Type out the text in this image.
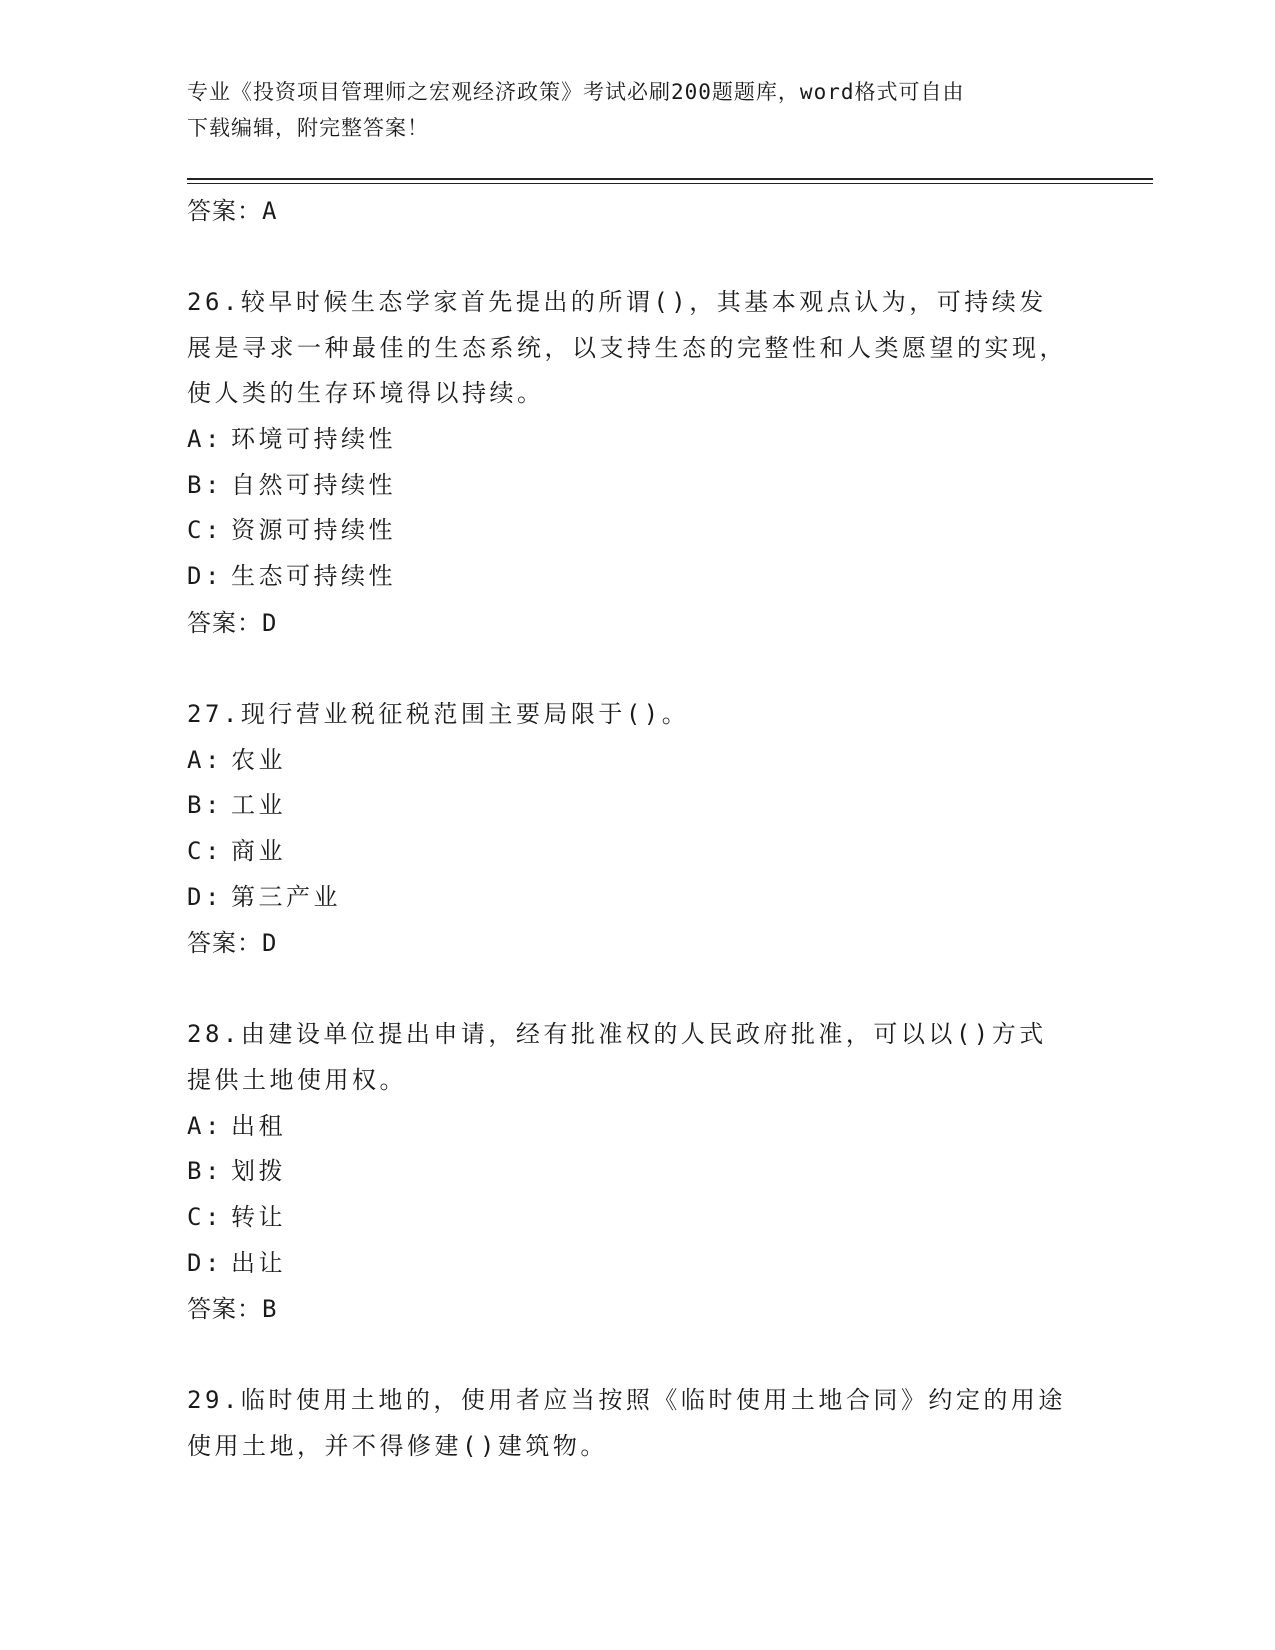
专业《投资项目管理师之宏观经济政策》考试必刷200题题库，word格式可自由
下载编辑，附完整答案！
答案：A

26.较早时候生态学家首先提出的所谓()，其基本观点认为，可持续发展是寻求一种最佳的生态系统，以支持生态的完整性和人类愿望的实现，使人类的生存环境得以持续。

A: 环境可持续性
B: 自然可持续性
C: 资源可持续性
D: 生态可持续性
答案：D

27.现行营业税征税范围主要局限于()。

A: 农业
B: 工业
C: 商业
D: 第三产业
答案：D

28.由建设单位提出申请，经有批准权的人民政府批准，可以以()方式提供土地使用权。

A: 出租
B: 划拨
C: 转让
D: 出让
答案：B

29.临时使用土地的，使用者应当按照《临时使用土地合同》约定的用途使用土地，并不得修建()建筑物。
